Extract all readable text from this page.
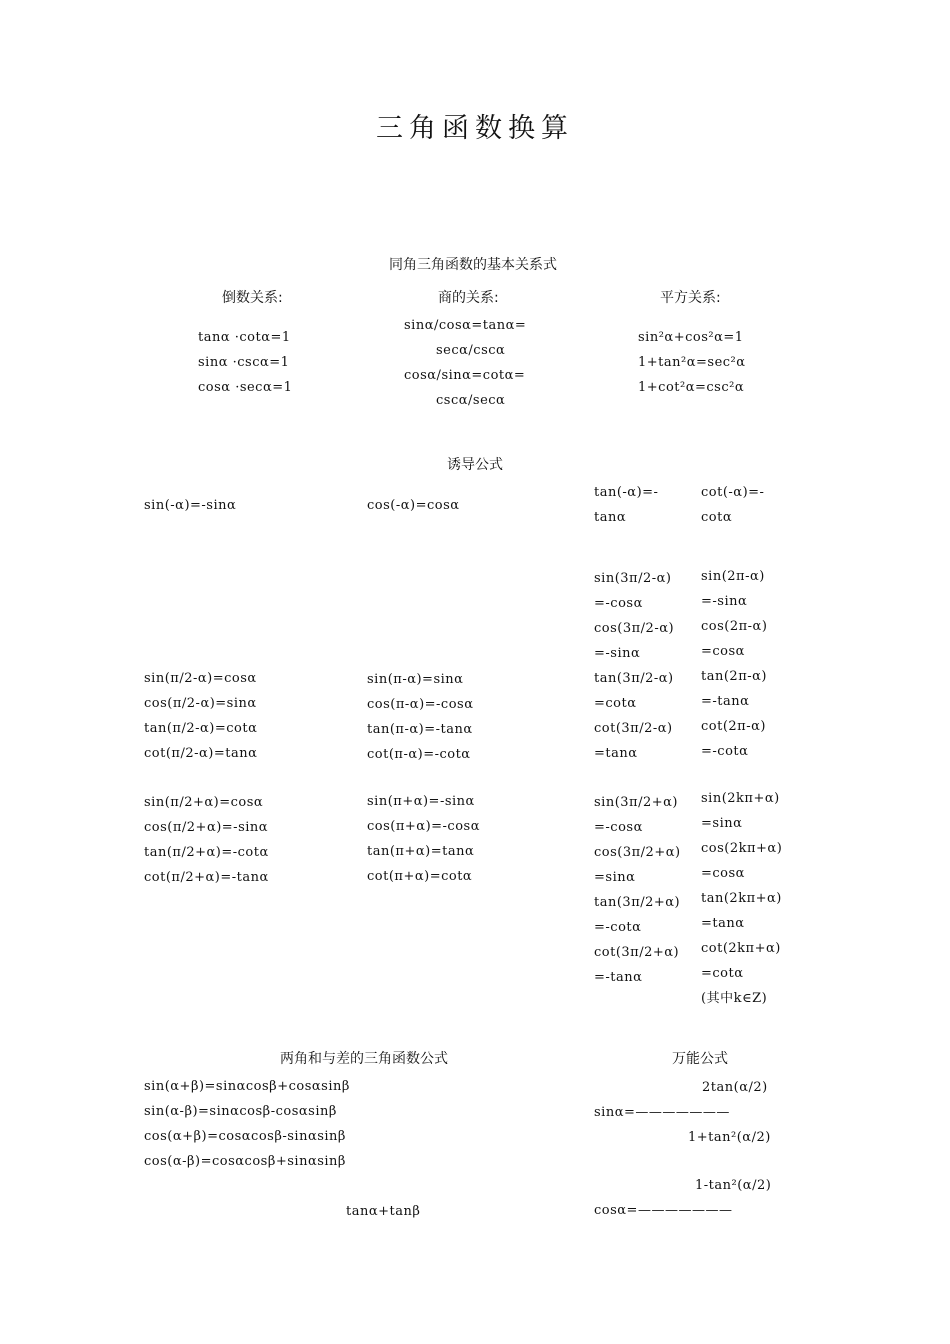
三角函数换算
同角三角函数的基本关系式
倒数关系:
tanα ·cotα=1
sinα ·cscα=1
cosα ·secα=1
商的关系:
sinα/cosα=tanα=
secα/cscα
cosα/sinα=cotα=
cscα/secα
平方关系:
sin²α+cos²α=1
1+tan²α=sec²α
1+cot²α=csc²α
诱导公式
sin(-α)=-sinα	cos(-α)=cosα
tan(-α)=-
tanα
cot(-α)=-
cotα
sin(3π/2-α)
=-cosα
cos(3π/2-α)
=-sinα
tan(3π/2-α)
=cotα
cot(3π/2-α)
=tanα
sin(2π-α)
=-sinα
cos(2π-α)
=cosα
tan(2π-α)
=-tanα
cot(2π-α)
=-cotα
sin(π/2-α)=cosα
cos(π/2-α)=sinα
tan(π/2-α)=cotα
cot(π/2-α)=tanα
sin(π-α)=sinα
cos(π-α)=-cosα
tan(π-α)=-tanα
cot(π-α)=-cotα
sin(π/2+α)=cosα
cos(π/2+α)=-sinα
tan(π/2+α)=-cotα
cot(π/2+α)=-tanα
sin(π+α)=-sinα
cos(π+α)=-cosα
tan(π+α)=tanα
cot(π+α)=cotα
sin(3π/2+α)
=-cosα
cos(3π/2+α)
=sinα
tan(3π/2+α)
=-cotα
cot(3π/2+α)
=-tanα
sin(2kπ+α)
=sinα
cos(2kπ+α)
=cosα
tan(2kπ+α)
=tanα
cot(2kπ+α)
=cotα
(其中k∈Z)
两角和与差的三角函数公式
sin(α+β)=sinαcosβ+cosαsinβ
sin(α-β)=sinαcosβ-cosαsinβ
cos(α+β)=cosαcosβ-sinαsinβ
cos(α-β)=cosαcosβ+sinαsinβ
tanα+tanβ
万能公式
2tan(α/2)
sinα=———————
1+tan²(α/2)
1-tan²(α/2)
cosα=———————
